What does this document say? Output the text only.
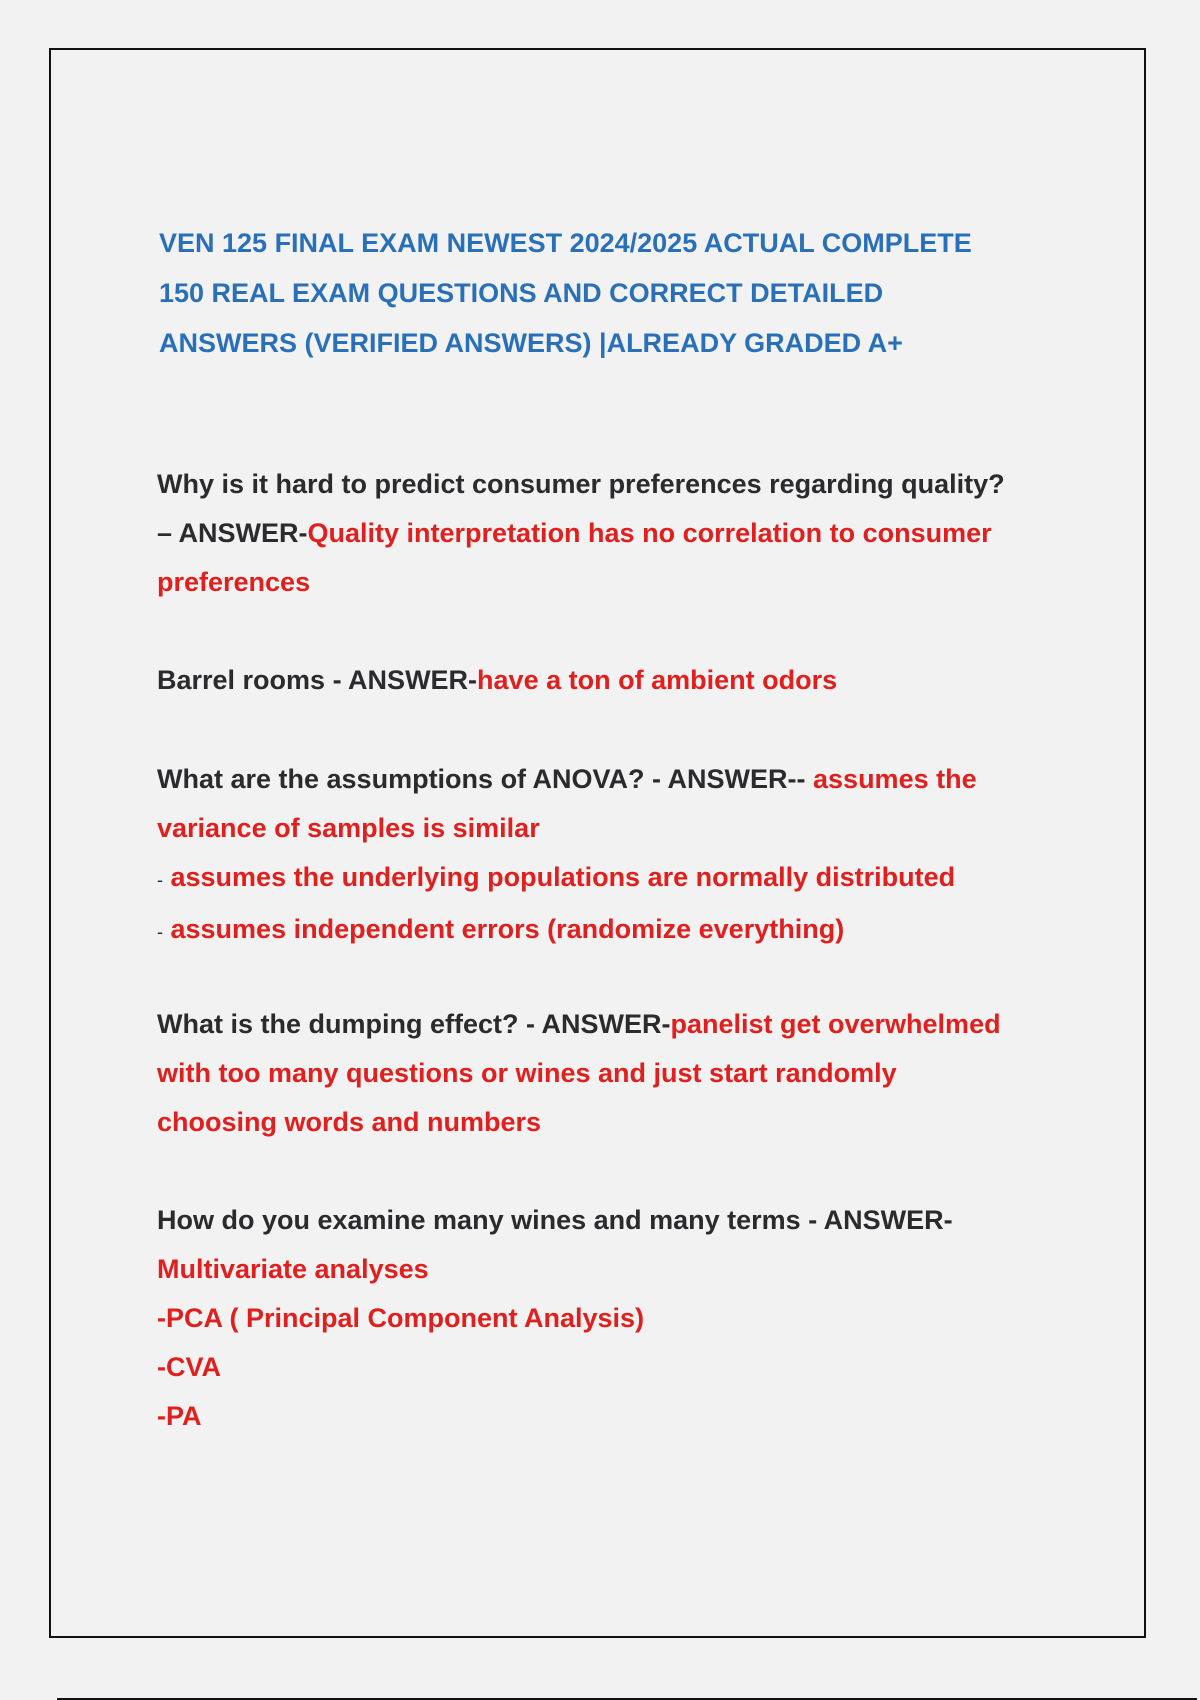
VEN 125 FINAL EXAM NEWEST 2024/2025 ACTUAL COMPLETE
150 REAL EXAM QUESTIONS AND CORRECT DETAILED
ANSWERS (VERIFIED ANSWERS) |ALREADY GRADED A+
Why is it hard to predict consumer preferences regarding quality?
– ANSWER-Quality interpretation has no correlation to consumer
preferences
Barrel rooms - ANSWER-have a ton of ambient odors
What are the assumptions of ANOVA? - ANSWER-- assumes the
variance of samples is similar
- assumes the underlying populations are normally distributed
- assumes independent errors (randomize everything)
What is the dumping effect? - ANSWER-panelist get overwhelmed
with too many questions or wines and just start randomly
choosing words and numbers
How do you examine many wines and many terms - ANSWER-
Multivariate analyses
-PCA ( Principal Component Analysis)
-CVA
-PA
